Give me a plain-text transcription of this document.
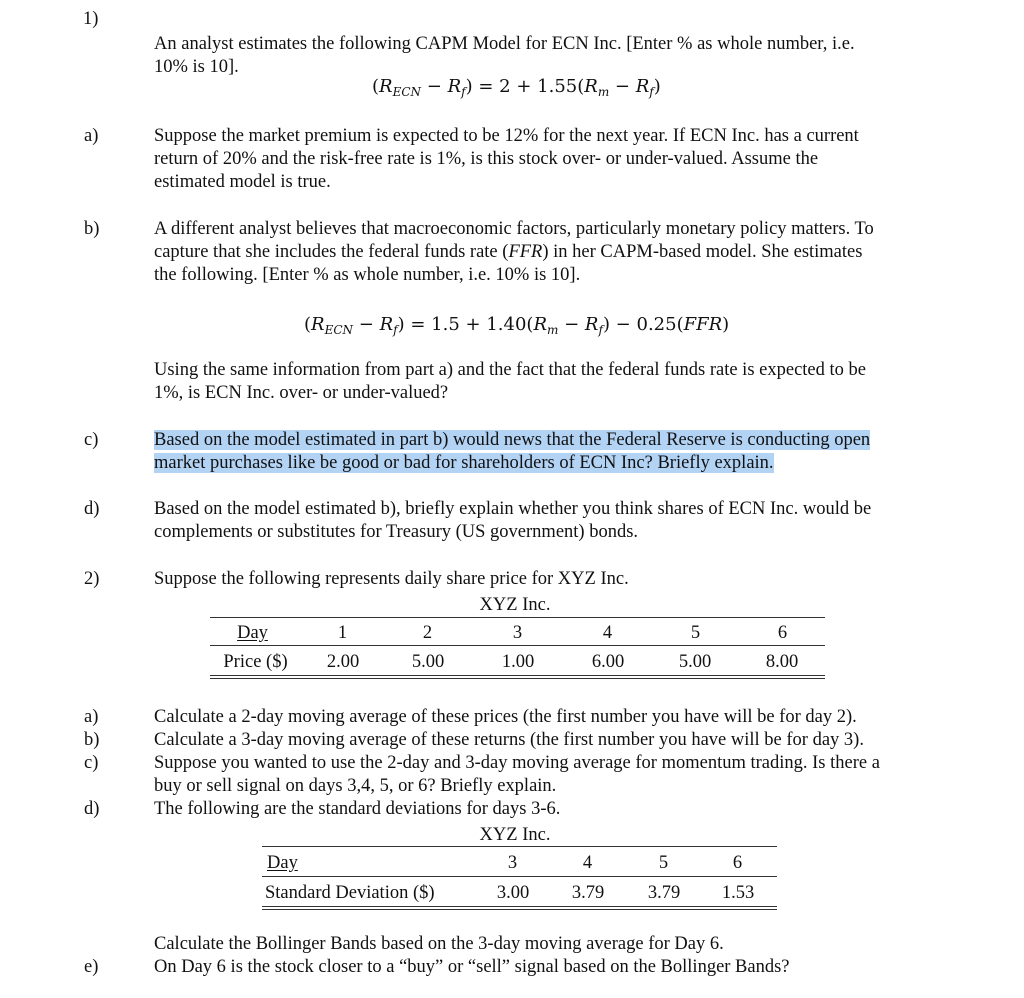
1)
An analyst estimates the following CAPM Model for ECN Inc. [Enter % as whole number, i.e.
10% is 10].
$(R_{ECN} - R_f) = 2 + 1.55(R_m - R_f)$
a)	Suppose the market premium is expected to be 12% for the next year. If ECN Inc. has a current
return of 20% and the risk-free rate is 1%, is this stock over- or under-valued. Assume the
estimated model is true.
b)	A different analyst believes that macroeconomic factors, particularly monetary policy matters. To
capture that she includes the federal funds rate (FFR) in her CAPM-based model. She estimates
the following. [Enter % as whole number, i.e. 10% is 10].
$(R_{ECN} - R_f) = 1.5 + 1.40(R_m - R_f) - 0.25(FFR)$
Using the same information from part a) and the fact that the federal funds rate is expected to be
1%, is ECN Inc. over- or under-valued?
c)	Based on the model estimated in part b) would news that the Federal Reserve is conducting open
market purchases like be good or bad for shareholders of ECN Inc? Briefly explain.
d)	Based on the model estimated b), briefly explain whether you think shares of ECN Inc. would be
complements or substitutes for Treasury (US government) bonds.
2)	Suppose the following represents daily share price for XYZ Inc.
XYZ Inc.
Day	1	2	3	4	5	6
Price ($)	2.00	5.00	1.00	6.00	5.00	8.00
a)
b)
c)
d)
Calculate a 2-day moving average of these prices (the first number you have will be for day 2).
Calculate a 3-day moving average of these returns (the first number you have will be for day 3).
Suppose you wanted to use the 2-day and 3-day moving average for momentum trading. Is there a
buy or sell signal on days 3,4, 5, or 6? Briefly explain.
The following are the standard deviations for days 3-6.
XYZ Inc.
Day	3	4	5	6
Standard Deviation ($)	3.00	3.79	3.79	1.53
Calculate the Bollinger Bands based on the 3-day moving average for Day 6.
e)	On Day 6 is the stock closer to a “buy” or “sell” signal based on the Bollinger Bands?
